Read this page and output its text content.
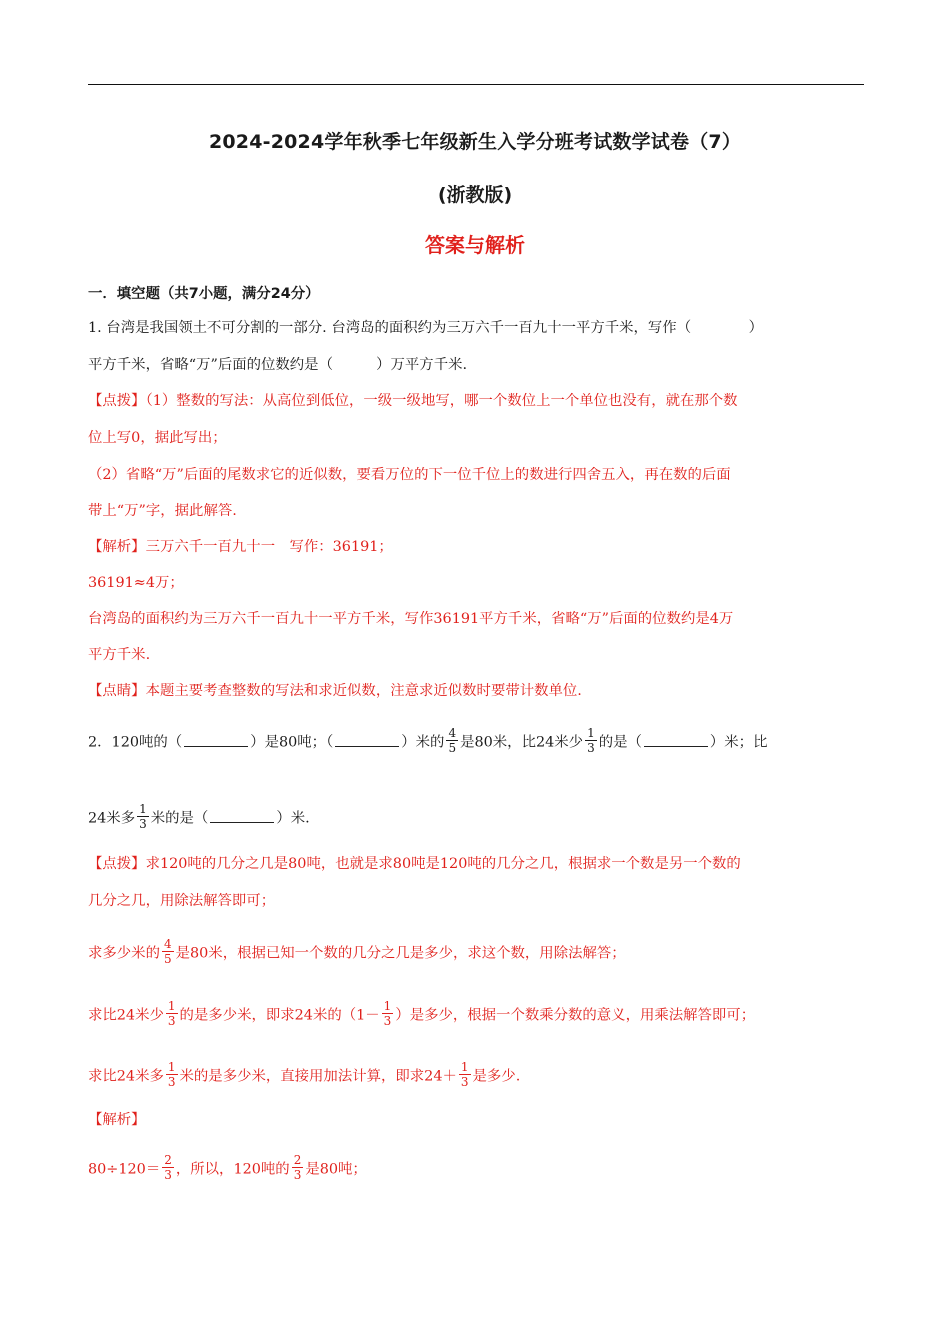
2024-2024学年秋季七年级新生入学分班考试数学试卷（7）
(浙教版)
答案与解析
一．填空题（共7小题，满分24分）
1. 台湾是我国领土不可分割的一部分. 台湾岛的面积约为三万六千一百九十一平方千米，写作（　　　　）
平方千米，省略“万”后面的位数约是（　　　）万平方千米.
【点拨】（1）整数的写法：从高位到低位，一级一级地写，哪一个数位上一个单位也没有，就在那个数
位上写0，据此写出；
（2）省略“万”后面的尾数求它的近似数，要看万位的下一位千位上的数进行四舍五入，再在数的后面
带上“万”字，据此解答.
【解析】三万六千一百九十一　写作：36191；
36191≈4万；
台湾岛的面积约为三万六千一百九十一平方千米，写作36191平方千米，省略“万”后面的位数约是4万
平方千米.
【点睛】本题主要考查整数的写法和求近似数，注意求近似数时要带计数单位.
2．120吨的（	）是80吨；（	）米的 $\frac{4}{5}$ 是80米，比24米少 $\frac{1}{3}$ 的是（	）米；比
24米多 $\frac{1}{3}$ 米的是（	）米.
【点拨】求120吨的几分之几是80吨，也就是求80吨是120吨的几分之几，根据求一个数是另一个数的
几分之几，用除法解答即可；
求多少米的 $\frac{4}{5}$ 是80米，根据已知一个数的几分之几是多少，求这个数，用除法解答；
求比24米少 $\frac{1}{3}$ 的是多少米，即求24米的（$1- \frac{1}{3}$ ）是多少，根据一个数乘分数的意义，用乘法解答即可；
求比24米多 $\frac{1}{3}$ 米的是多少米，直接用加法计算，即求$24+ \frac{1}{3}$ 是多少.
【解析】
$80\div 120= \frac{2}{3}$ ，所以，120吨的 $\frac{2}{3}$ 是80吨；
